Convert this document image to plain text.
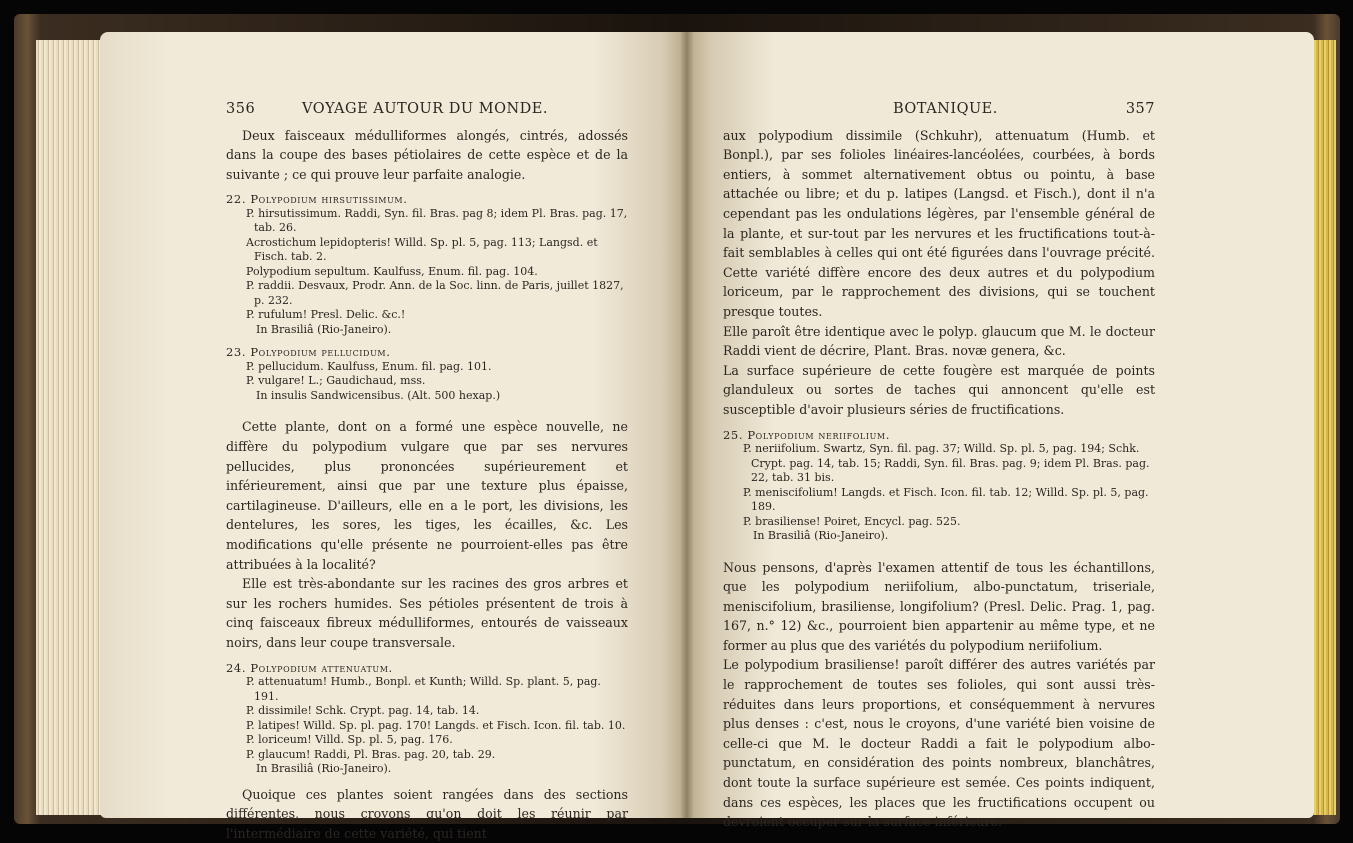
356	VOYAGE AUTOUR DU MONDE.

Deux faisceaux médulliformes alongés, cintrés, adossés dans la coupe des bases pétiolaires de cette espèce et de la suivante ; ce qui prouve leur parfaite analogie.

22. Polypodium hirsutissimum.
P. hirsutissimum. Raddi, Syn. fil. Bras. pag 8; idem Pl. Bras. pag. 17, tab. 26.
Acrostichum lepidopteris! Willd. Sp. pl. 5, pag. 113; Langsd. et Fisch. tab. 2.
Polypodium sepultum. Kaulfuss, Enum. fil. pag. 104.
P. raddii. Desvaux, Prodr. Ann. de la Soc. linn. de Paris, juillet 1827, p. 232.
P. rufulum! Presl. Delic. &c.!
In Brasiliâ (Rio-Janeiro).
23. Polypodium pellucidum.
P. pellucidum. Kaulfuss, Enum. fil. pag. 101.
P. vulgare! L.; Gaudichaud, mss.
In insulis Sandwicensibus. (Alt. 500 hexap.)

Cette plante, dont on a formé une espèce nouvelle, ne diffère du polypodium vulgare que par ses nervures pellucides, plus prononcées supérieurement et inférieurement, ainsi que par une texture plus épaisse, cartilagineuse. D'ailleurs, elle en a le port, les divisions, les dentelures, les sores, les tiges, les écailles, &c. Les modifications qu'elle présente ne pourroient-elles pas être attribuées à la localité?

Elle est très-abondante sur les racines des gros arbres et sur les rochers humides. Ses pétioles présentent de trois à cinq faisceaux fibreux médulliformes, entourés de vaisseaux noirs, dans leur coupe transversale.

24. Polypodium attenuatum.
P. attenuatum! Humb., Bonpl. et Kunth; Willd. Sp. plant. 5, pag. 191.
P. dissimile! Schk. Crypt. pag. 14, tab. 14.
P. latipes! Willd. Sp. pl. pag. 170! Langds. et Fisch. Icon. fil. tab. 10.
P. loriceum! Villd. Sp. pl. 5, pag. 176.
P. glaucum! Raddi, Pl. Bras. pag. 20, tab. 29.
In Brasiliâ (Rio-Janeiro).

Quoique ces plantes soient rangées dans des sections différentes, nous croyons qu'on doit les réunir par l'intermédiaire de cette variété, qui tient

BOTANIQUE.	357

aux polypodium dissimile (Schkuhr), attenuatum (Humb. et Bonpl.), par ses folioles linéaires-lancéolées, courbées, à bords entiers, à sommet alternativement obtus ou pointu, à base attachée ou libre; et du p. latipes (Langsd. et Fisch.), dont il n'a cependant pas les ondulations légères, par l'ensemble général de la plante, et sur-tout par les nervures et les fructifications tout-à-fait semblables à celles qui ont été figurées dans l'ouvrage précité. Cette variété diffère encore des deux autres et du polypodium loriceum, par le rapprochement des divisions, qui se touchent presque toutes.

Elle paroît être identique avec le polyp. glaucum que M. le docteur Raddi vient de décrire, Plant. Bras. novæ genera, &c.

La surface supérieure de cette fougère est marquée de points glanduleux ou sortes de taches qui annoncent qu'elle est susceptible d'avoir plusieurs séries de fructifications.

25. Polypodium neriifolium.
P. neriifolium. Swartz, Syn. fil. pag. 37; Willd. Sp. pl. 5, pag. 194; Schk. Crypt. pag. 14, tab. 15; Raddi, Syn. fil. Bras. pag. 9; idem Pl. Bras. pag. 22, tab. 31 bis.
P. meniscifolium! Langds. et Fisch. Icon. fil. tab. 12; Willd. Sp. pl. 5, pag. 189.
P. brasiliense! Poiret, Encycl. pag. 525.
In Brasiliâ (Rio-Janeiro).

Nous pensons, d'après l'examen attentif de tous les échantillons, que les polypodium neriifolium, albo-punctatum, triseriale, meniscifolium, brasiliense, longifolium? (Presl. Delic. Prag. 1, pag. 167, n.° 12) &c., pourroient bien appartenir au même type, et ne former au plus que des variétés du polypodium neriifolium.

Le polypodium brasiliense! paroît différer des autres variétés par le rapprochement de toutes ses folioles, qui sont aussi très-réduites dans leurs proportions, et conséquemment à nervures plus denses : c'est, nous le croyons, d'une variété bien voisine de celle-ci que M. le docteur Raddi a fait le polypodium albo-punctatum, en considération des points nombreux, blanchâtres, dont toute la surface supérieure est semée. Ces points indiquent, dans ces espèces, les places que les fructifications occupent ou devroient occuper sur la surface inférieure.
